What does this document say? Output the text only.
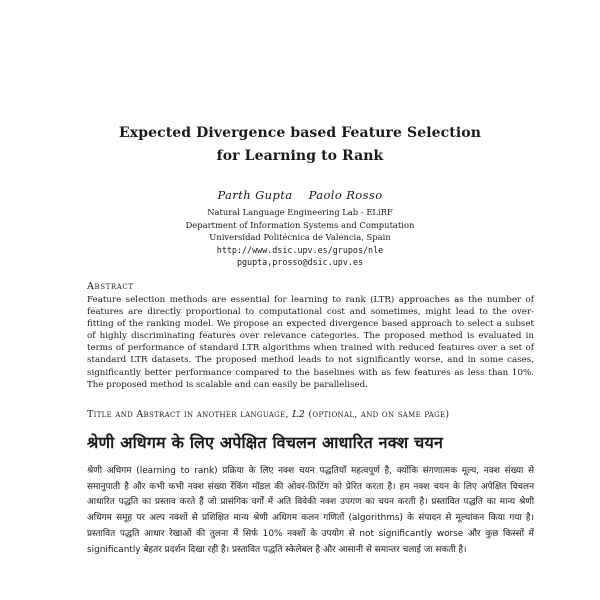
Expected Divergence based Feature Selection
for Learning to Rank
Parth Gupta Paolo Rosso
Natural Language Engineering Lab - ELiRF
Department of Information Systems and Computation
Universidad Politécnica de Valencia, Spain
http://www.dsic.upv.es/grupos/nle
pgupta,prosso@dsic.upv.es
Abstract
Feature selection methods are essential for learning to rank (LTR) approaches as the number of features are directly proportional to computational cost and sometimes, might lead to the over-fitting of the ranking model. We propose an expected divergence based approach to select a subset of highly discriminating features over relevance categories. The proposed method is evaluated in terms of performance of standard LTR algorithms when trained with reduced features over a set of standard LTR datasets. The proposed method leads to not significantly worse, and in some cases, significantly better performance compared to the baselines with as few features as less than 10%. The proposed method is scalable and can easily be parallelised.
Title and Abstract in another language, L2 (optional, and on same page)
श्रेणी अधिगम के लिए अपेक्षित विचलन आधारित नक्श चयन
श्रेणी अधिगम (learning to rank) प्रक्रिया के लिए नक्श चयन पद्धतियाँ महत्वपूर्ण है, क्योंकि संगणात्मक मूल्य, नक्श संख्या से समानुपाती है और कभी कभी नक्श संख्या रेंकिंग मॉडल की ओवर-फ़िटिंग को प्रेरित करता है। हम नक्श चयन के लिए अपेक्षित विचलन आधारित पद्धति का प्रस्ताव करते हैं जो प्रासंगिक वर्गों में अति विवेकी नक्श उपगण का चयन करती है। प्रस्तावित पद्धति का मान्य श्रेणी अधिगम समूह पर अल्प नक्शों से प्रशिक्षित मान्य श्रेणी अधिगम कलन गणितों (algorithms) के संपादन से मूल्यांकन किया गया है। प्रस्तावित पद्धति आधार रेखाओं की तुलना में सिर्फ 10% नक्शों के उपयोग से not significantly worse और कुछ किस्सों में significantly बेहतर प्रदर्शन दिखा रही है। प्रस्तावित पद्धति स्केलेबल है और आसानी से समान्तर चलाई जा सकती है।
